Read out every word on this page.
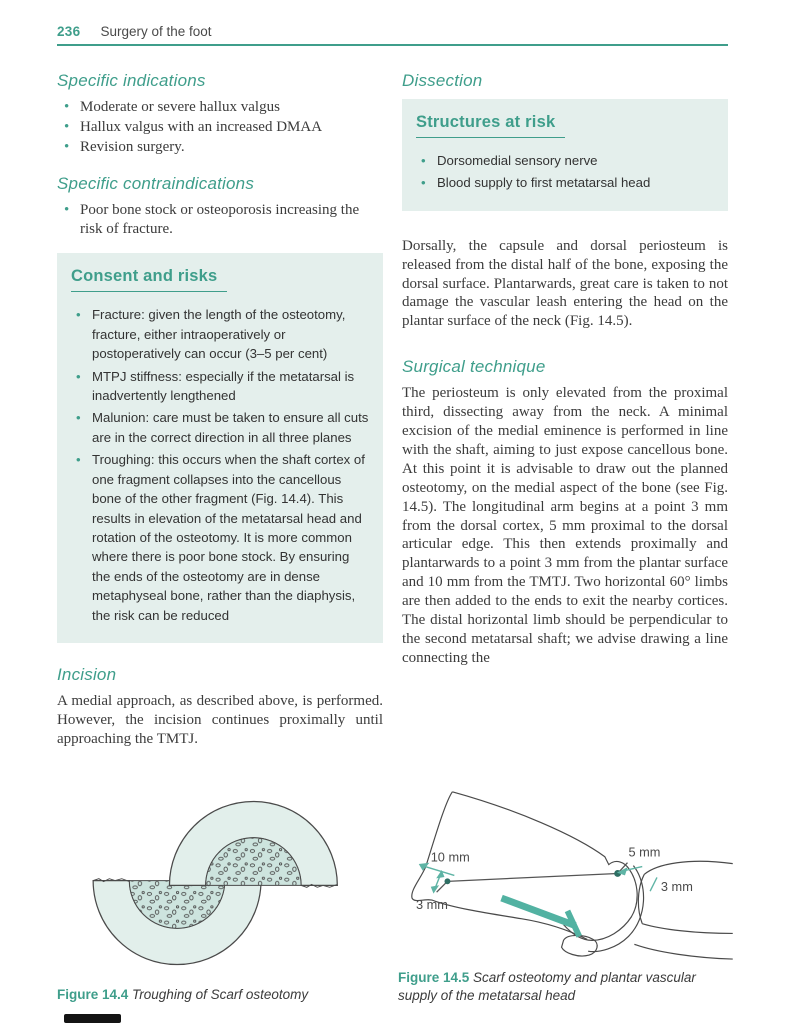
236 Surgery of the foot
Specific indications
• Moderate or severe hallux valgus
• Hallux valgus with an increased DMAA
• Revision surgery.
Specific contraindications
• Poor bone stock or osteoporosis increasing the risk of fracture.
Consent and risks
• Fracture: given the length of the osteotomy, fracture, either intraoperatively or postoperatively can occur (3–5 per cent)
• MTPJ stiffness: especially if the metatarsal is inadvertently lengthened
• Malunion: care must be taken to ensure all cuts are in the correct direction in all three planes
• Troughing: this occurs when the shaft cortex of one fragment collapses into the cancellous bone of the other fragment (Fig. 14.4). This results in elevation of the metatarsal head and rotation of the osteotomy. It is more common where there is poor bone stock. By ensuring the ends of the osteotomy are in dense metaphyseal bone, rather than the diaphysis, the risk can be reduced
Incision

A medial approach, as described above, is performed. However, the incision continues proximally until approaching the TMTJ.

Dissection
Structures at risk
• Dorsomedial sensory nerve
• Blood supply to first metatarsal head

Dorsally, the capsule and dorsal periosteum is released from the distal half of the bone, exposing the dorsal surface. Plantarwards, great care is taken to not damage the vascular leash entering the head on the plantar surface of the neck (Fig. 14.5).

Surgical technique

The periosteum is only elevated from the proximal third, dissecting away from the neck. A minimal excision of the medial eminence is performed in line with the shaft, aiming to just expose cancellous bone. At this point it is advisable to draw out the planned osteotomy, on the medial aspect of the bone (see Fig. 14.5). The longitudinal arm begins at a point 3 mm from the dorsal cortex, 5 mm proximal to the dorsal articular edge. This then extends proximally and plantarwards to a point 3 mm from the plantar surface and 10 mm from the TMTJ. Two horizontal 60° limbs are then added to the ends to exit the nearby cortices. The distal horizontal limb should be perpendicular to the second metatarsal shaft; we advise drawing a line connecting the

Figure 14.4 Troughing of Scarf osteotomy
10 mm
3 mm
5 mm
3 mm
Figure 14.5 Scarf osteotomy and plantar vascular supply of the metatarsal head
